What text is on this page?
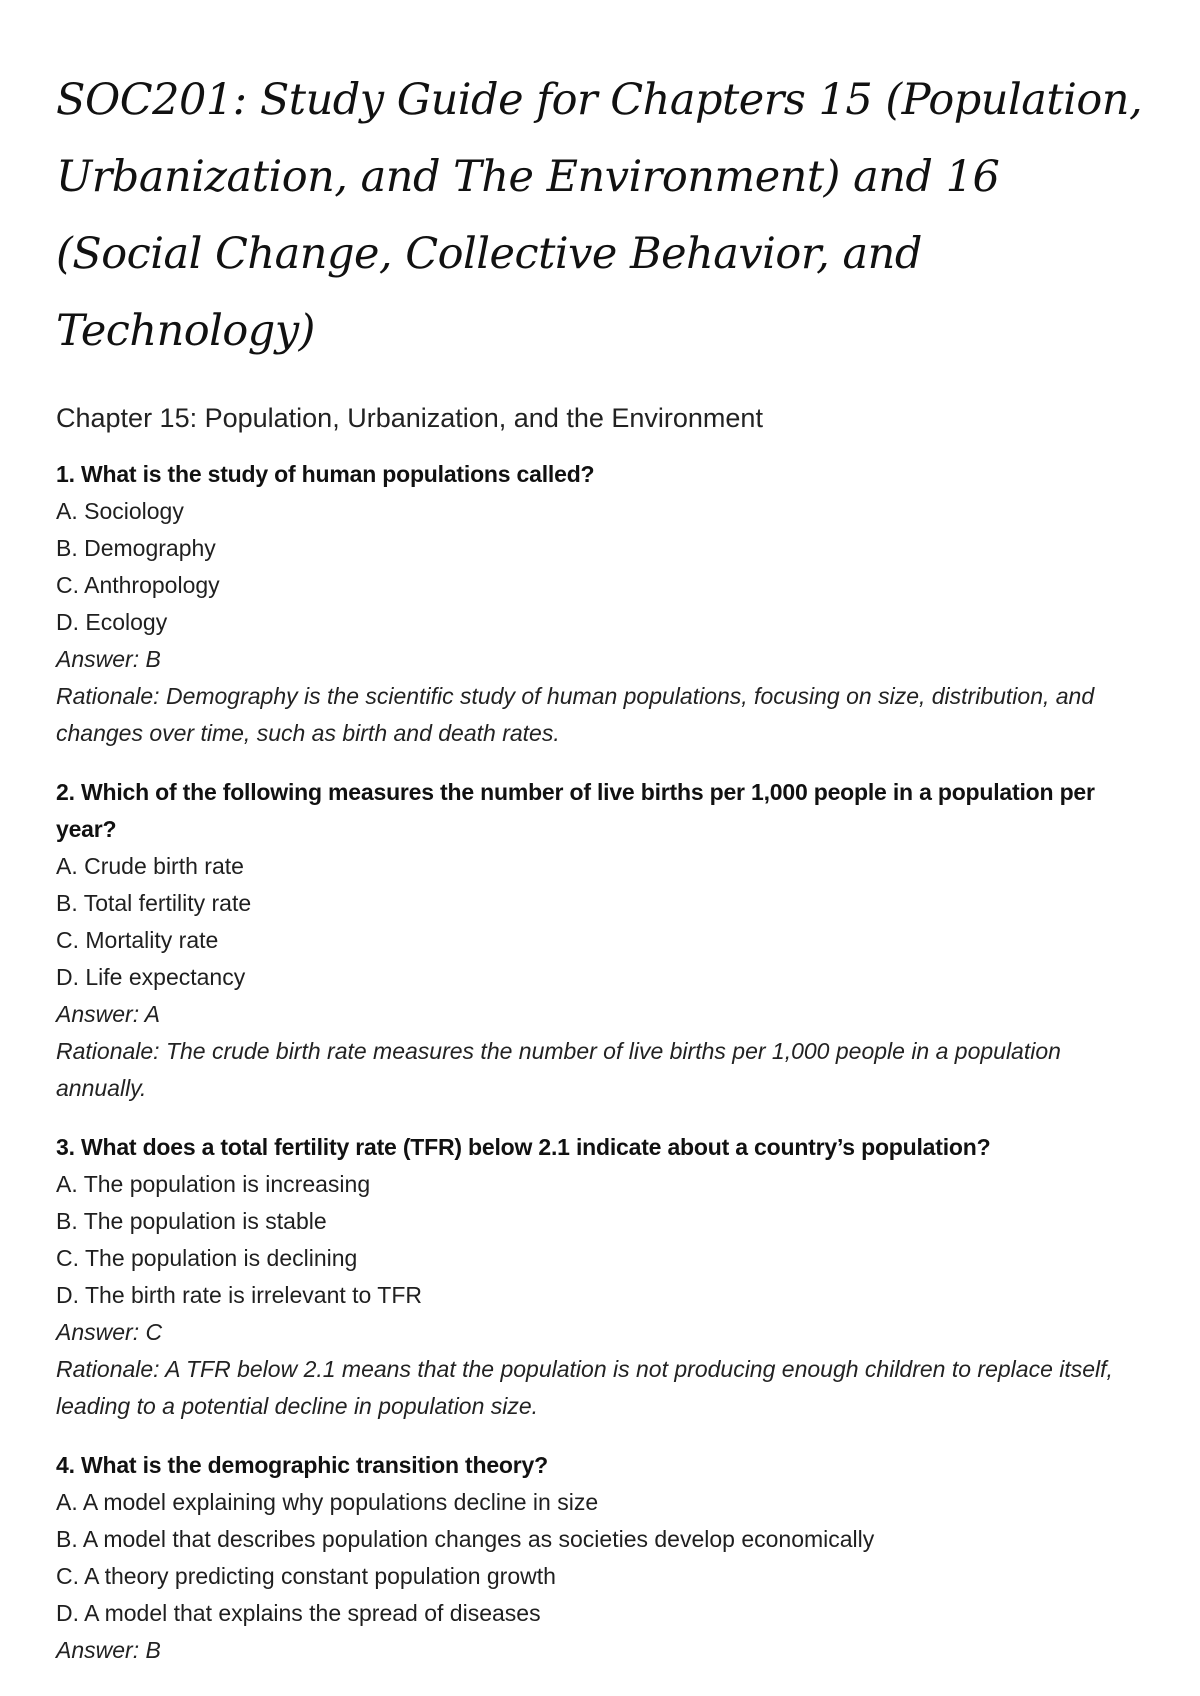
SOC201: Study Guide for Chapters 15 (Population, Urbanization, and The Environment) and 16 (Social Change, Collective Behavior, and Technology)
Chapter 15: Population, Urbanization, and the Environment
1. What is the study of human populations called?
A. Sociology
B. Demography
C. Anthropology
D. Ecology
Answer: B
Rationale: Demography is the scientific study of human populations, focusing on size, distribution, and changes over time, such as birth and death rates.
2. Which of the following measures the number of live births per 1,000 people in a population per year?
A. Crude birth rate
B. Total fertility rate
C. Mortality rate
D. Life expectancy
Answer: A
Rationale: The crude birth rate measures the number of live births per 1,000 people in a population annually.
3. What does a total fertility rate (TFR) below 2.1 indicate about a country’s population?
A. The population is increasing
B. The population is stable
C. The population is declining
D. The birth rate is irrelevant to TFR
Answer: C
Rationale: A TFR below 2.1 means that the population is not producing enough children to replace itself, leading to a potential decline in population size.
4. What is the demographic transition theory?
A. A model explaining why populations decline in size
B. A model that describes population changes as societies develop economically
C. A theory predicting constant population growth
D. A model that explains the spread of diseases
Answer: B
